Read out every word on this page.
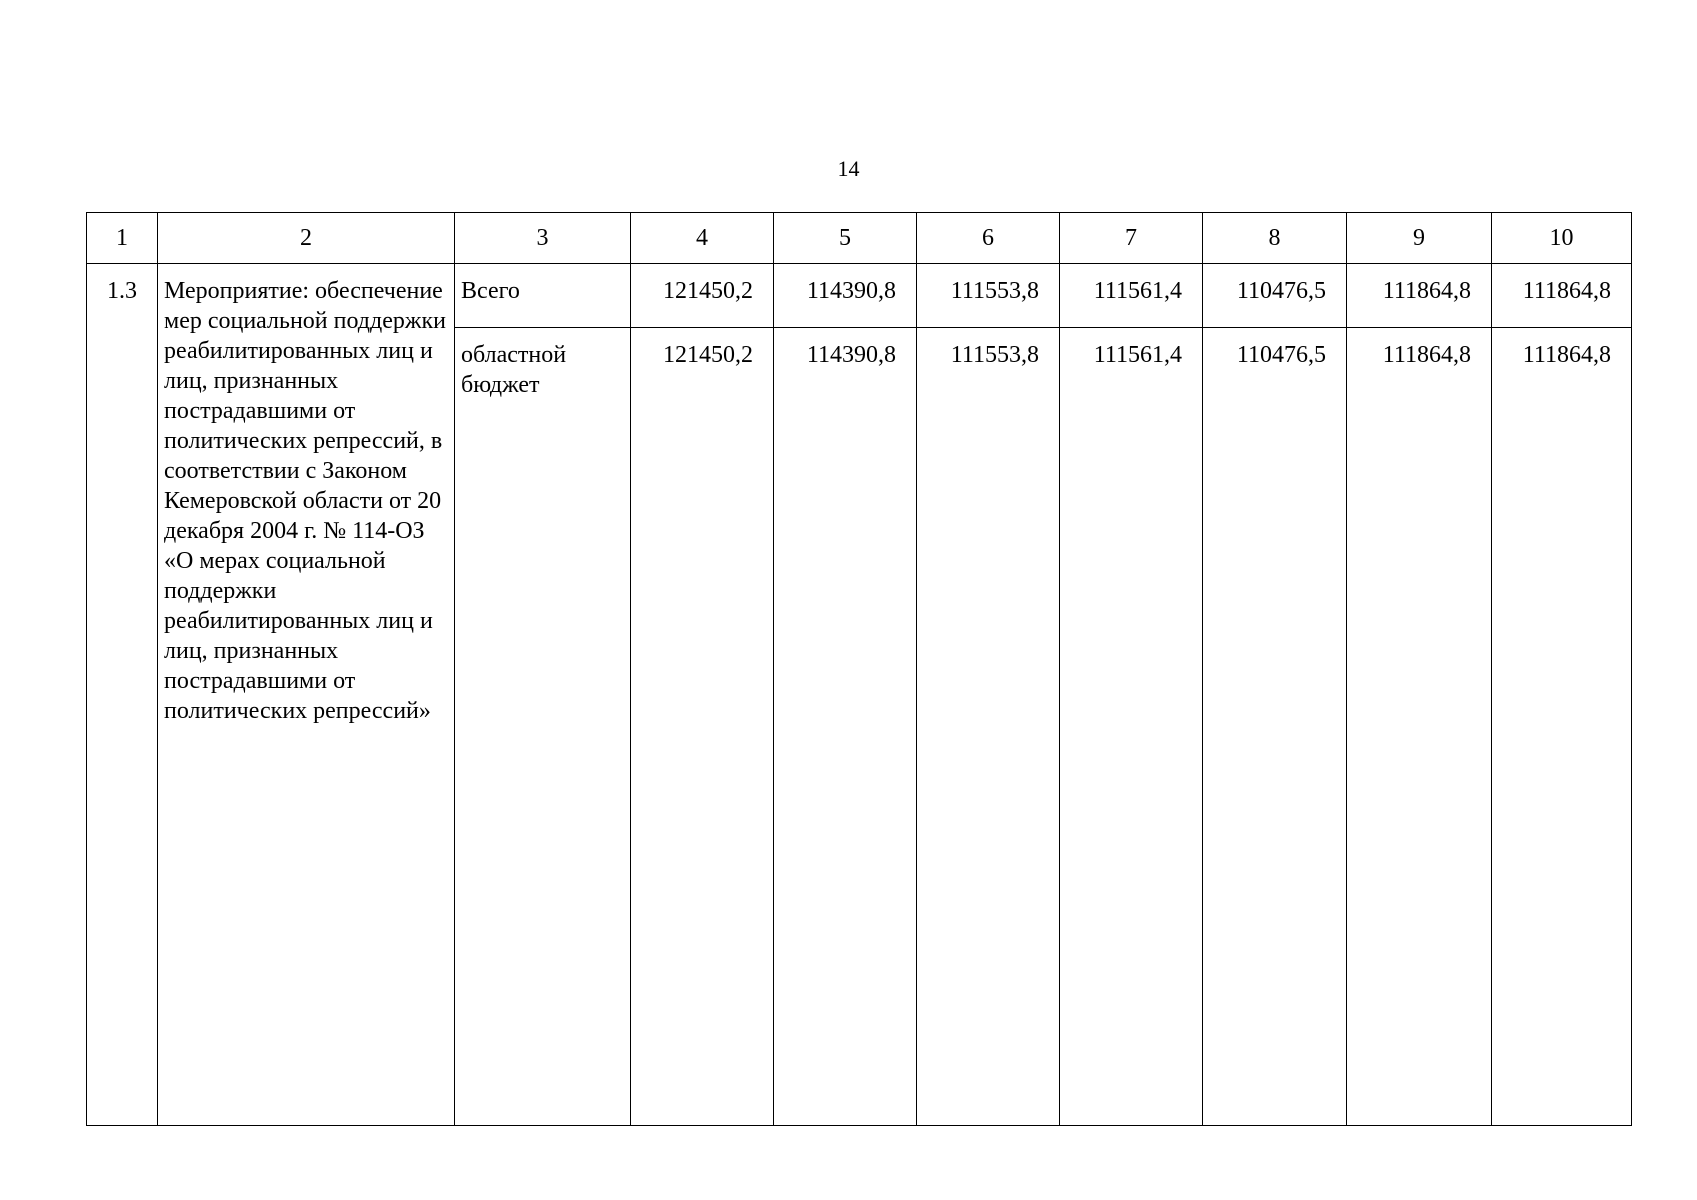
14
1	2	3	4	5	6	7	8	9	10
1.3	Мероприятие: обеспечение мер социальной поддержки реабилитированных лиц и лиц, признанных пострадавшими от политических репрессий, в соответствии с Законом Кемеровской области от 20 декабря 2004 г. № 114-ОЗ «О мерах социальной поддержки реабилитированных лиц и лиц, признанных пострадавшими от политических репрессий»	Всего	121450,2	114390,8	111553,8	111561,4	110476,5	111864,8	111864,8
		областной бюджет	121450,2	114390,8	111553,8	111561,4	110476,5	111864,8	111864,8
